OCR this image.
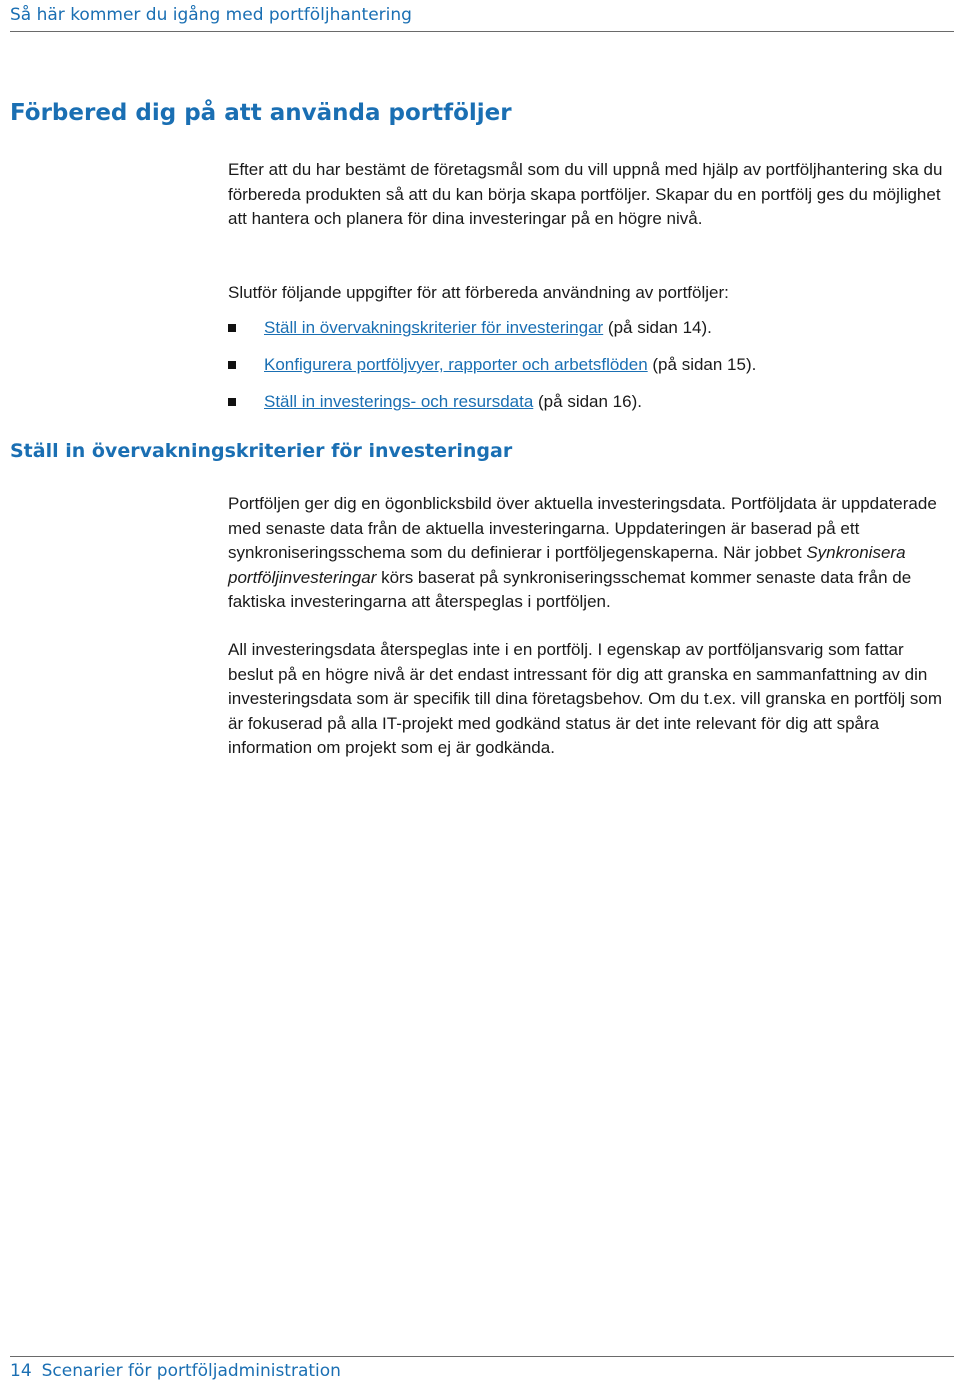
Så här kommer du igång med portföljhantering
Förbered dig på att använda portföljer

Efter att du har bestämt de företagsmål som du vill uppnå med hjälp av portföljhantering ska du förbereda produkten så att du kan börja skapa portföljer. Skapar du en portfölj ges du möjlighet att hantera och planera för dina investeringar på en högre nivå.

Slutför följande uppgifter för att förbereda användning av portföljer:

Ställ in övervakningskriterier för investeringar (på sidan 14).
Konfigurera portföljvyer, rapporter och arbetsflöden (på sidan 15).
Ställ in investerings- och resursdata (på sidan 16).
Ställ in övervakningskriterier för investeringar

Portföljen ger dig en ögonblicksbild över aktuella investeringsdata. Portföljdata är uppdaterade med senaste data från de aktuella investeringarna. Uppdateringen är baserad på ett synkroniseringsschema som du definierar i portföljegenskaperna. När jobbet Synkronisera portföljinvesteringar körs baserat på synkroniseringsschemat kommer senaste data från de faktiska investeringarna att återspeglas i portföljen.

All investeringsdata återspeglas inte i en portfölj. I egenskap av portföljansvarig som fattar beslut på en högre nivå är det endast intressant för dig att granska en sammanfattning av din investeringsdata som är specifik till dina företagsbehov. Om du t.ex. vill granska en portfölj som är fokuserad på alla IT-projekt med godkänd status är det inte relevant för dig att spåra information om projekt som ej är godkända.

14 Scenarier för portföljadministration
